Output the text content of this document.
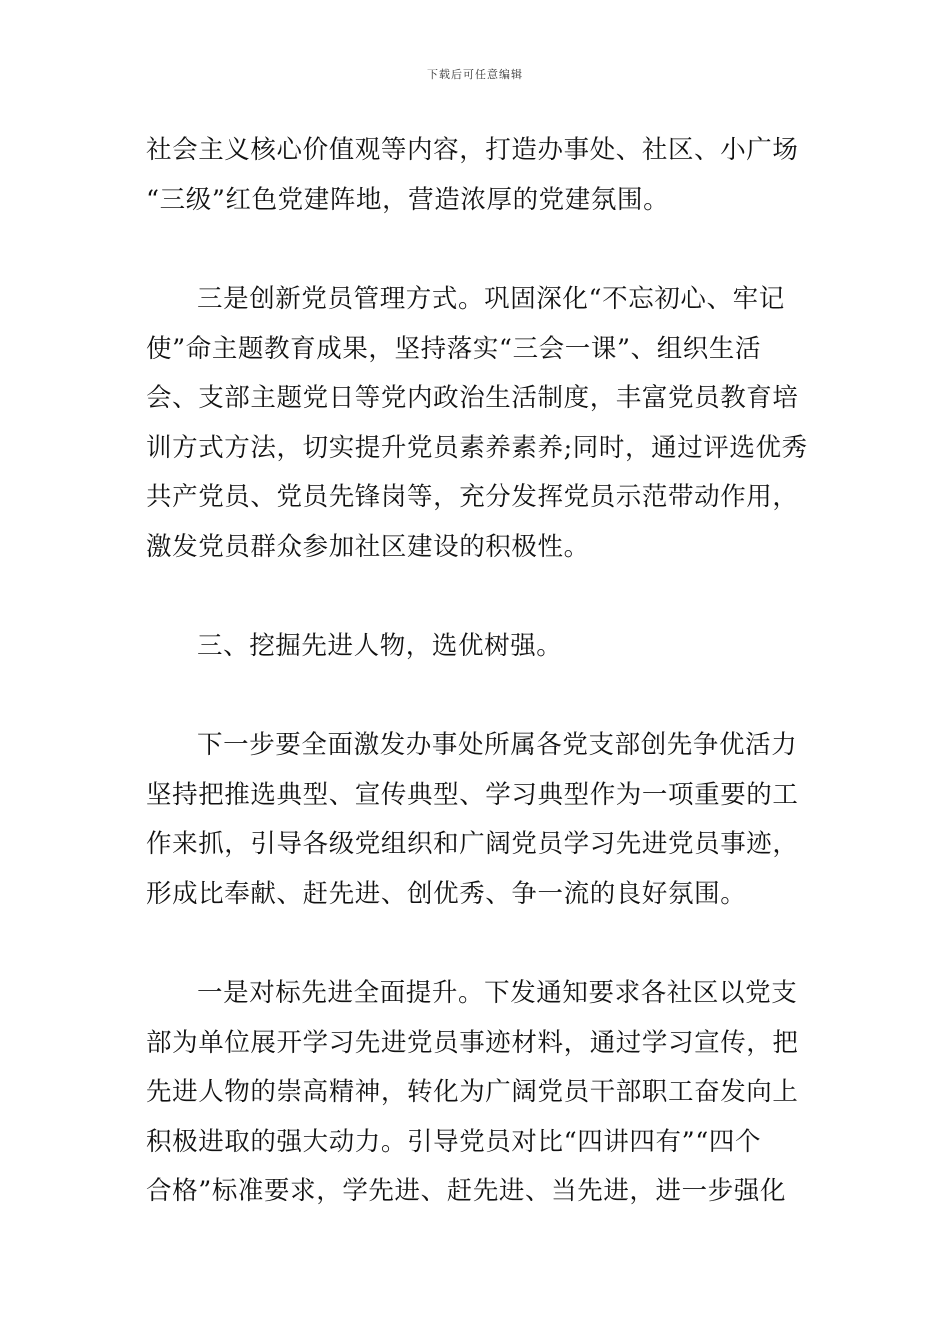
下载后可任意编辑
社会主义核心价值观等内容，打造办事处、社区、小广场
“三级”红色党建阵地，营造浓厚的党建氛围。
三是创新党员管理方式。巩固深化“不忘初心、牢记
使”命主题教育成果，坚持落实“三会一课”、组织生活
会、支部主题党日等党内政治生活制度，丰富党员教育培
训方式方法，切实提升党员素养素养;同时，通过评选优秀
共产党员、党员先锋岗等，充分发挥党员示范带动作用，
激发党员群众参加社区建设的积极性。
三、挖掘先进人物，选优树强。
下一步要全面激发办事处所属各党支部创先争优活力
坚持把推选典型、宣传典型、学习典型作为一项重要的工
作来抓，引导各级党组织和广阔党员学习先进党员事迹，
形成比奉献、赶先进、创优秀、争一流的良好氛围。
一是对标先进全面提升。下发通知要求各社区以党支
部为单位展开学习先进党员事迹材料，通过学习宣传，把
先进人物的崇高精神，转化为广阔党员干部职工奋发向上
积极进取的强大动力。引导党员对比“四讲四有”“四个
合格”标准要求，学先进、赶先进、当先进，进一步强化
